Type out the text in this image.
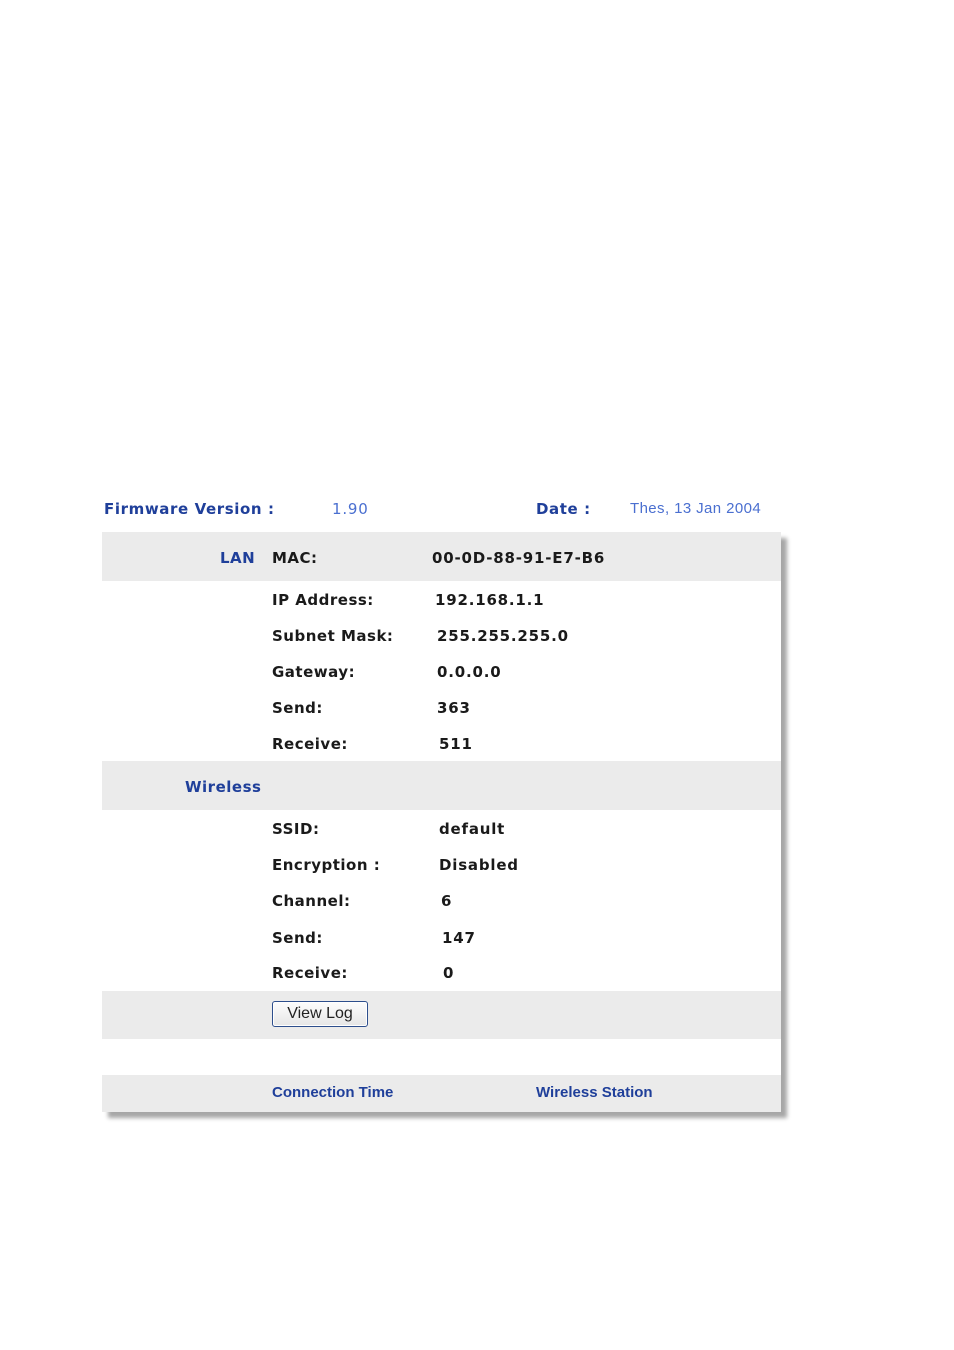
Firmware Version :	1.90	Date :	Thes, 13 Jan 2004
LAN MAC:	00-0D-88-91-E7-B6
IP Address:	192.168.1.1
Subnet Mask:	255.255.255.0
Gateway:	0.0.0.0
Send:	363
Receive:	511
Wireless
SSID:	default
Encryption :	Disabled
Channel:	6
Send:	147
Receive:	0
View Log
Connection Time	Wireless Station
